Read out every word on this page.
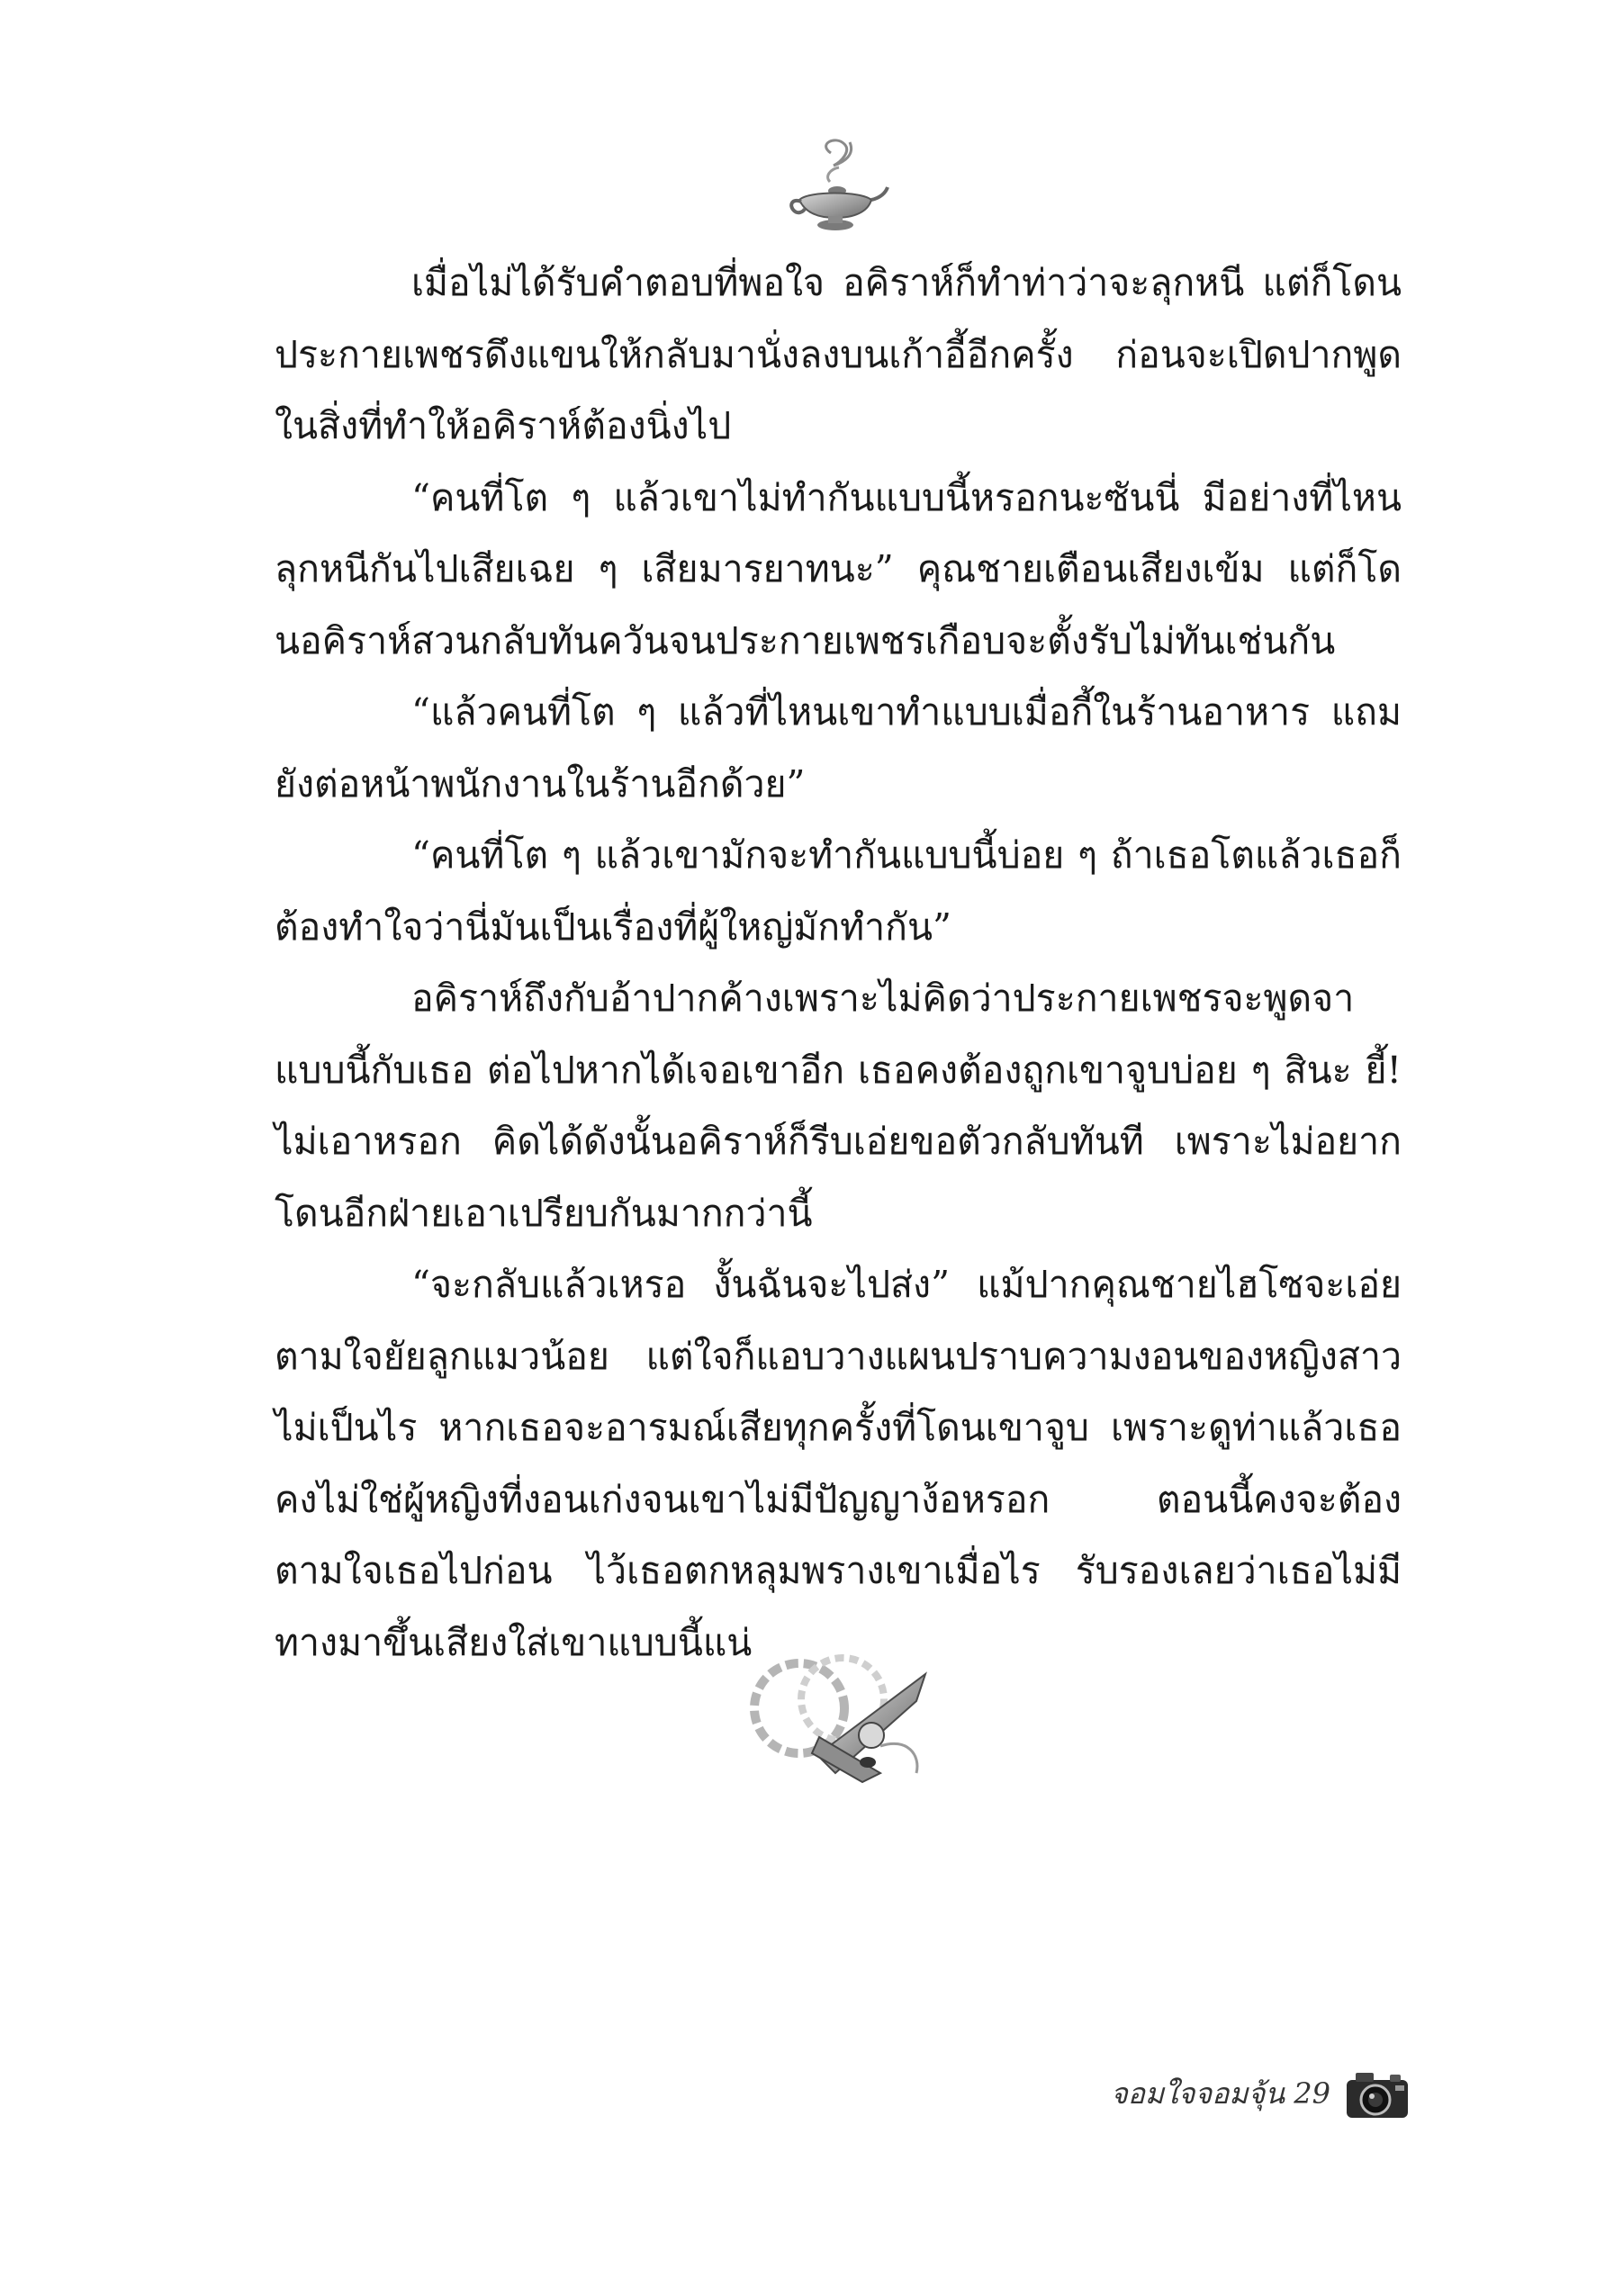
เมื่อไม่ได้รับคำตอบที่พอใจ อคิราห์ก็ทำท่าว่าจะลุกหนี แต่ก็โดนประกายเพชรดึงแขนให้กลับมานั่งลงบนเก้าอี้อีกครั้ง ก่อนจะเปิดปากพูดในสิ่งที่ทำให้อคิราห์ต้องนิ่งไป

“คนที่โต ๆ แล้วเขาไม่ทำกันแบบนี้หรอกนะซันนี่ มีอย่างที่ไหนลุกหนีกันไปเสียเฉย ๆ เสียมารยาทนะ” คุณชายเตือนเสียงเข้ม แต่ก็โดนอคิราห์สวนกลับทันควันจนประกายเพชรเกือบจะตั้งรับไม่ทันเช่นกัน

“แล้วคนที่โต ๆ แล้วที่ไหนเขาทำแบบเมื่อกี้ในร้านอาหาร แถมยังต่อหน้าพนักงานในร้านอีกด้วย”

“คนที่โต ๆ แล้วเขามักจะทำกันแบบนี้บ่อย ๆ ถ้าเธอโตแล้วเธอก็ต้องทำใจว่านี่มันเป็นเรื่องที่ผู้ใหญ่มักทำกัน”

อคิราห์ถึงกับอ้าปากค้างเพราะไม่คิดว่าประกายเพชรจะพูดจาแบบนี้กับเธอ ต่อไปหากได้เจอเขาอีก เธอคงต้องถูกเขาจูบบ่อย ๆ สินะ ยี้! ไม่เอาหรอก คิดได้ดังนั้นอคิราห์ก็รีบเอ่ยขอตัวกลับทันที เพราะไม่อยากโดนอีกฝ่ายเอาเปรียบกันมากกว่านี้

“จะกลับแล้วเหรอ งั้นฉันจะไปส่ง” แม้ปากคุณชายไฮโซจะเอ่ยตามใจยัยลูกแมวน้อย แต่ใจก็แอบวางแผนปราบความงอนของหญิงสาวไม่เป็นไร หากเธอจะอารมณ์เสียทุกครั้งที่โดนเขาจูบ เพราะดูท่าแล้วเธอคงไม่ใช่ผู้หญิงที่งอนเก่งจนเขาไม่มีปัญญาง้อหรอก ตอนนี้คงจะต้องตามใจเธอไปก่อน ไว้เธอตกหลุมพรางเขาเมื่อไร รับรองเลยว่าเธอไม่มีทางมาขึ้นเสียงใส่เขาแบบนี้แน่

จอมใจจอมจุ้น 29
